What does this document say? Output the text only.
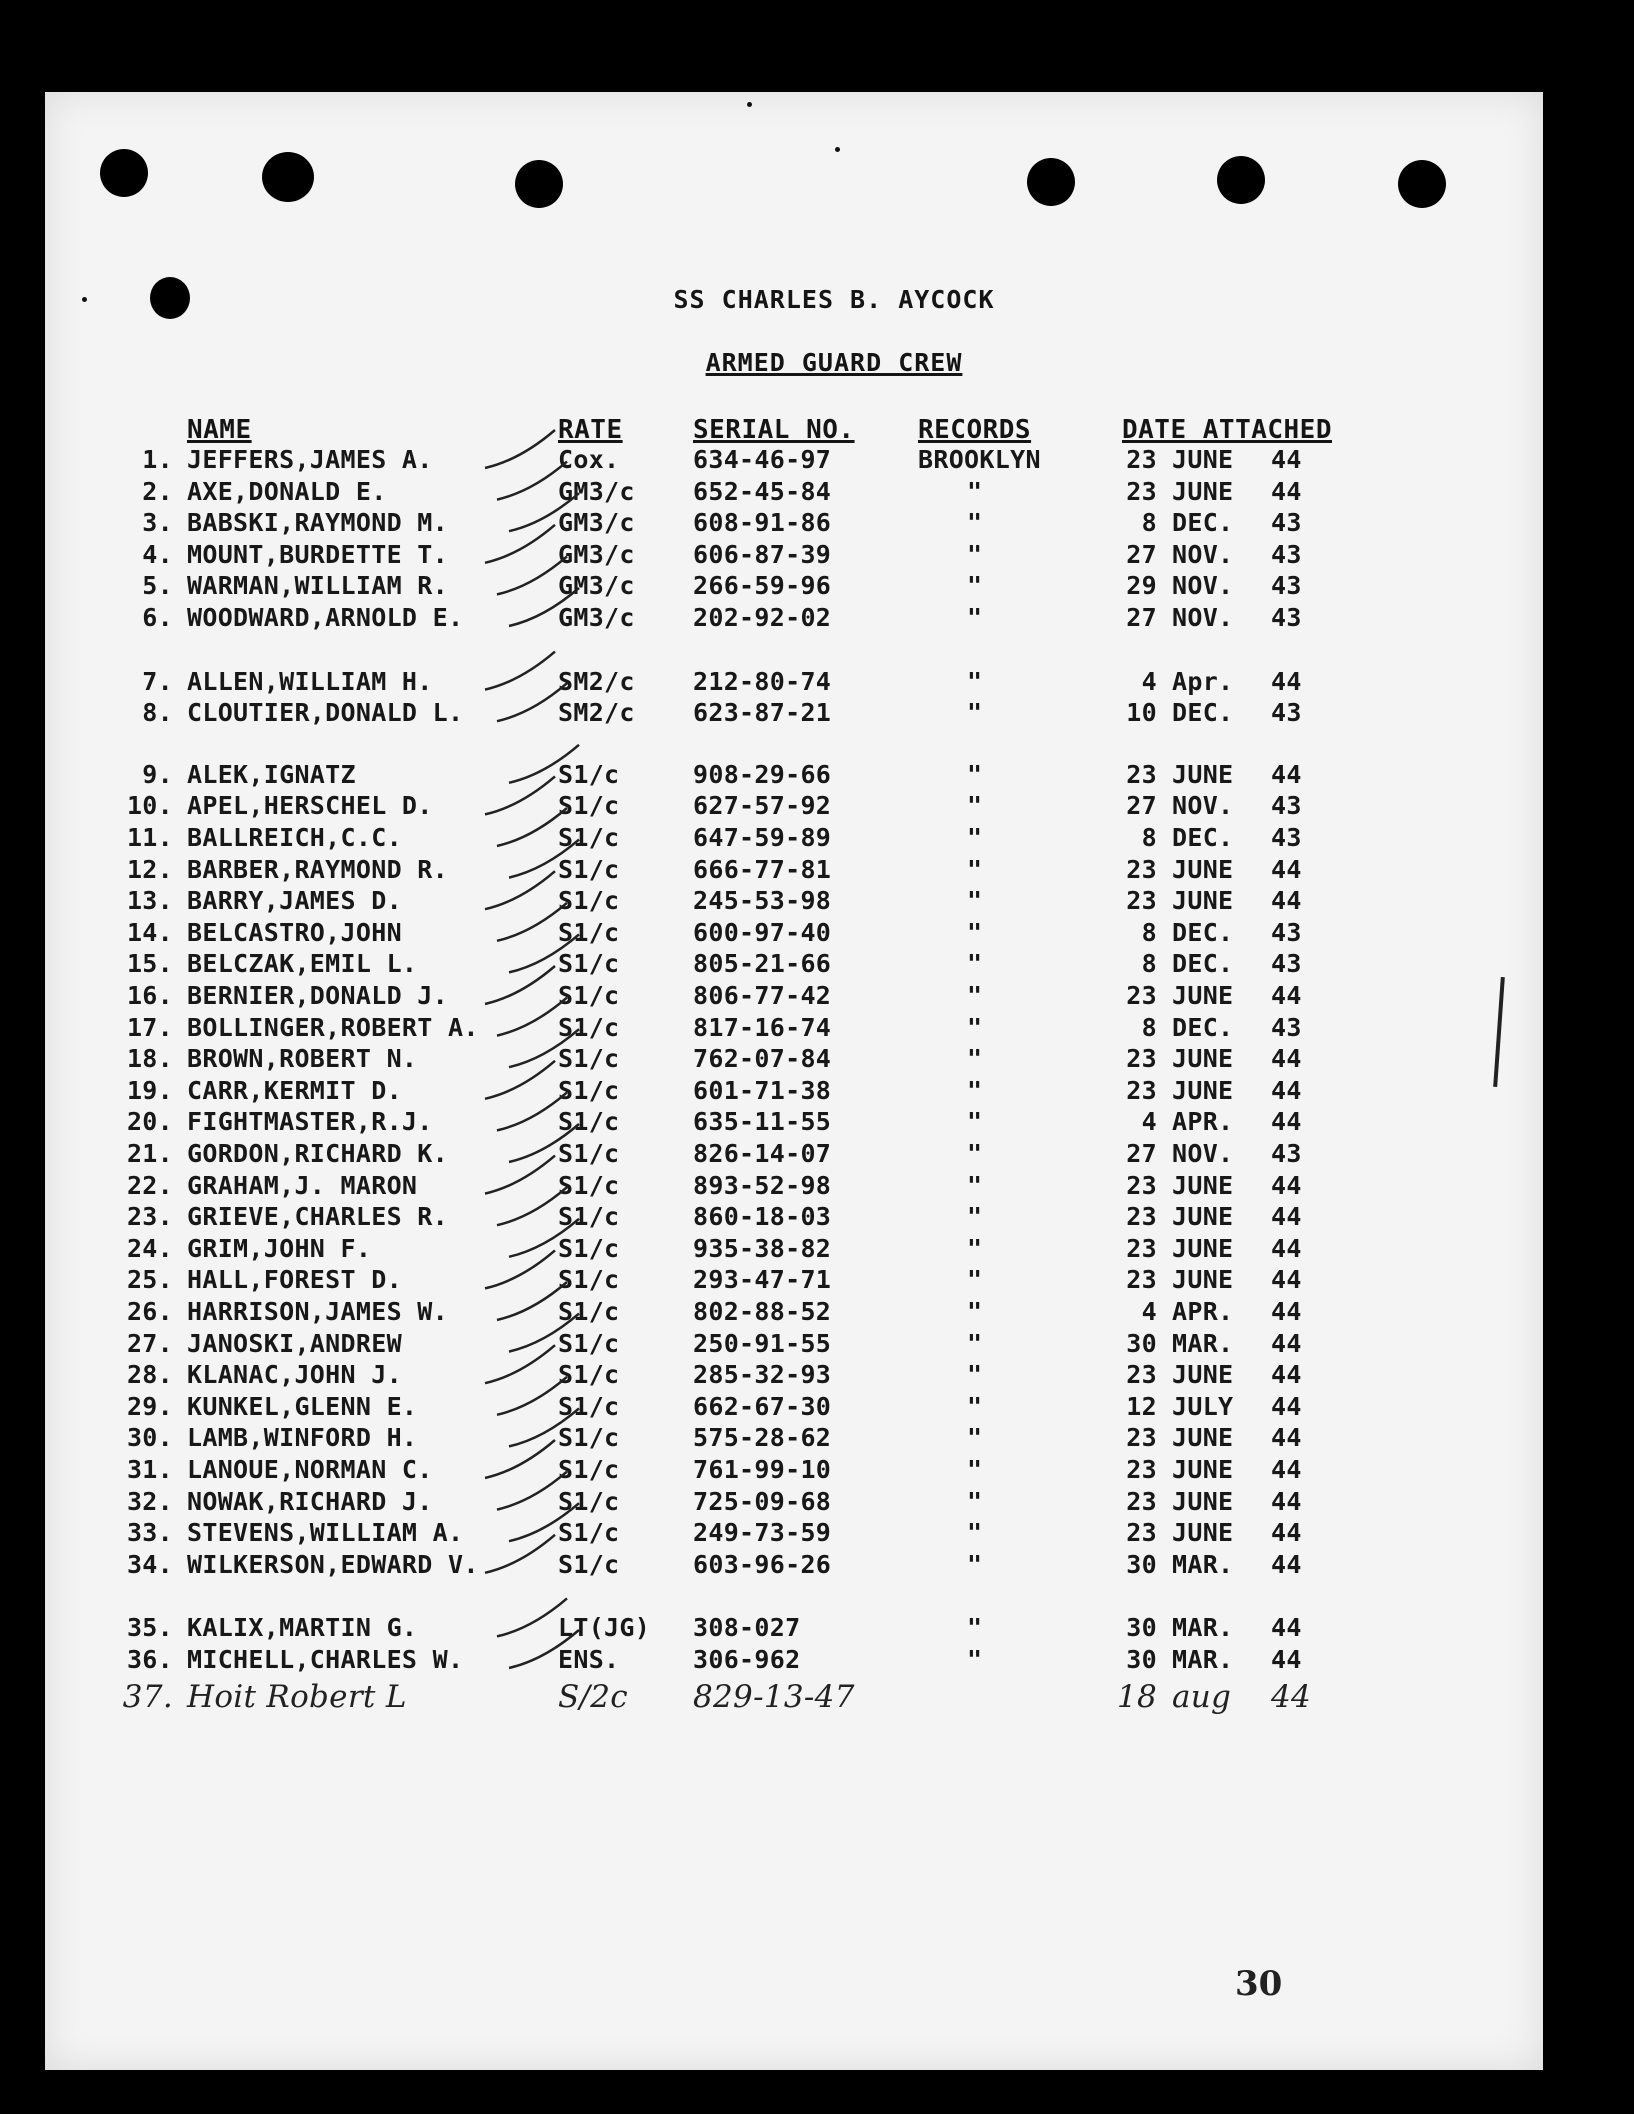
SS CHARLES B. AYCOCK
ARMED GUARD CREW
NAME	RATE	SERIAL NO. RECORDS	DATE ATTACHED
1. JEFFERS,JAMES A.	Cox.	634-46-97	BROOKLYN	23 JUNE 44
2. AXE,DONALD E.	GM3/c 652-45-84	"	23 JUNE 44
3. BABSKI,RAYMOND M.	GM3/c 608-91-86	"	8 DEC. 43
4. MOUNT,BURDETTE T.	GM3/c 606-87-39	"	27 NOV. 43
5. WARMAN,WILLIAM R.	GM3/c 266-59-96	"	29 NOV. 43
6. WOODWARD,ARNOLD E.	GM3/c 202-92-02	"	27 NOV. 43
7. ALLEN,WILLIAM H.	SM2/c 212-80-74	"	4 Apr. 44
8. CLOUTIER,DONALD L.	SM2/c 623-87-21	"	10 DEC. 43
9. ALEK,IGNATZ	S1/c	908-29-66	"	23 JUNE 44
10. APEL,HERSCHEL D.	S1/c	627-57-92	"	27 NOV. 43
11. BALLREICH,C.C.	S1/c	647-59-89	"	8 DEC. 43
12. BARBER,RAYMOND R.	S1/c	666-77-81	"	23 JUNE 44
13. BARRY,JAMES D.	S1/c	245-53-98	"	23 JUNE 44
14. BELCASTRO,JOHN	S1/c	600-97-40	"	8 DEC. 43
15. BELCZAK,EMIL L.	S1/c	805-21-66	"	8 DEC. 43
16. BERNIER,DONALD J.	S1/c	806-77-42	"	23 JUNE 44
17. BOLLINGER,ROBERT A.	S1/c	817-16-74	"	8 DEC. 43
18. BROWN,ROBERT N.	S1/c	762-07-84	"	23 JUNE 44
19. CARR,KERMIT D.	S1/c	601-71-38	"	23 JUNE 44
20. FIGHTMASTER,R.J.	S1/c	635-11-55	"	4 APR. 44
21. GORDON,RICHARD K.	S1/c	826-14-07	"	27 NOV. 43
22. GRAHAM,J. MARON	S1/c	893-52-98	"	23 JUNE 44
23. GRIEVE,CHARLES R.	S1/c	860-18-03	"	23 JUNE 44
24. GRIM,JOHN F.	S1/c	935-38-82	"	23 JUNE 44
25. HALL,FOREST D.	S1/c	293-47-71	"	23 JUNE 44
26. HARRISON,JAMES W.	S1/c	802-88-52	"	4 APR. 44
27. JANOSKI,ANDREW	S1/c	250-91-55	"	30 MAR. 44
28. KLANAC,JOHN J.	S1/c	285-32-93	"	23 JUNE 44
29. KUNKEL,GLENN E.	S1/c	662-67-30	"	12 JULY 44
30. LAMB,WINFORD H.	S1/c	575-28-62	"	23 JUNE 44
31. LANOUE,NORMAN C.	S1/c	761-99-10	"	23 JUNE 44
32. NOWAK,RICHARD J.	S1/c	725-09-68	"	23 JUNE 44
33. STEVENS,WILLIAM A.	S1/c	249-73-59	"	23 JUNE 44
34. WILKERSON,EDWARD V.	S1/c	603-96-26	"	30 MAR. 44
35. KALIX,MARTIN G.	LT(JG) 308-027	"	30 MAR. 44
36. MICHELL,CHARLES W.	ENS.	306-962	"	30 MAR. 44
37. Hoit Robert L	S/2c 829-13-47	18 aug 44
30
